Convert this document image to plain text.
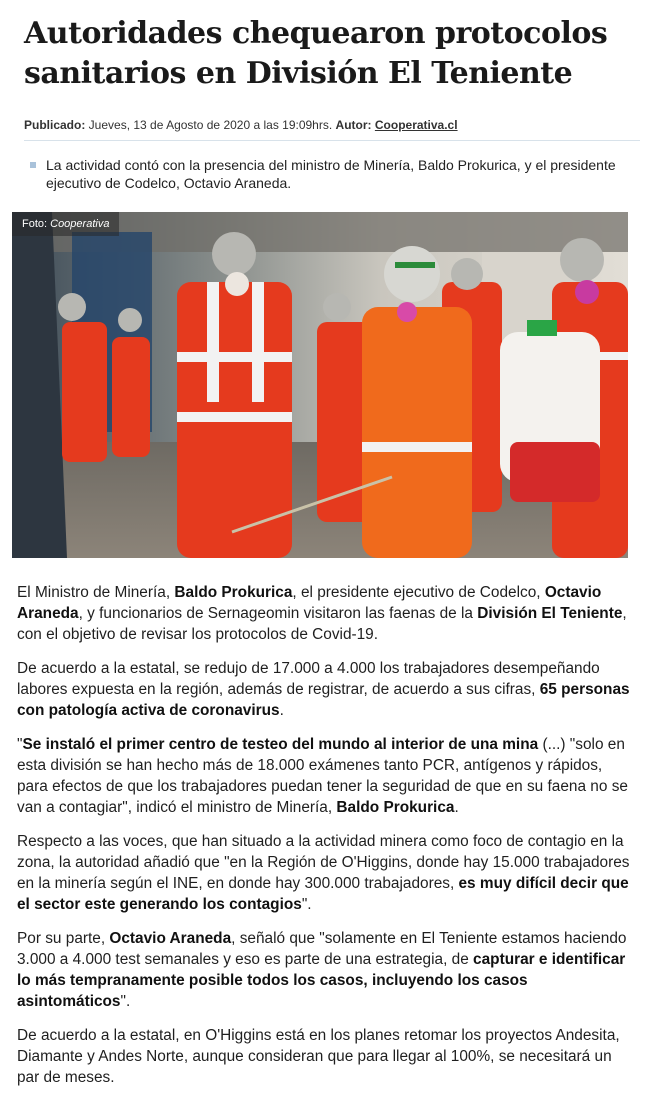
Autoridades chequearon protocolos sanitarios en División El Teniente
Publicado: Jueves, 13 de Agosto de 2020 a las 19:09hrs. Autor: Cooperativa.cl
La actividad contó con la presencia del ministro de Minería, Baldo Prokurica, y el presidente ejecutivo de Codelco, Octavio Araneda.
Foto: Cooperativa

El Ministro de Minería, Baldo Prokurica, el presidente ejecutivo de Codelco, Octavio Araneda, y funcionarios de Sernageomin visitaron las faenas de la División El Teniente, con el objetivo de revisar los protocolos de Covid-19.

De acuerdo a la estatal, se redujo de 17.000 a 4.000 los trabajadores desempeñando labores expuesta en la región, además de registrar, de acuerdo a sus cifras, 65 personas con patología activa de coronavirus.

"Se instaló el primer centro de testeo del mundo al interior de una mina (...) "solo en esta división se han hecho más de 18.000 exámenes tanto PCR, antígenos y rápidos, para efectos de que los trabajadores puedan tener la seguridad de que en su faena no se van a contagiar", indicó el ministro de Minería, Baldo Prokurica.

Respecto a las voces, que han situado a la actividad minera como foco de contagio en la zona, la autoridad añadió que "en la Región de O'Higgins, donde hay 15.000 trabajadores en la minería según el INE, en donde hay 300.000 trabajadores, es muy difícil decir que el sector este generando los contagios".

Por su parte, Octavio Araneda, señaló que "solamente en El Teniente estamos haciendo 3.000 a 4.000 test semanales y eso es parte de una estrategia, de capturar e identificar lo más tempranamente posible todos los casos, incluyendo los casos asintomáticos".

De acuerdo a la estatal, en O'Higgins está en los planes retomar los proyectos Andesita, Diamante y Andes Norte, aunque consideran que para llegar al 100%, se necesitará un par de meses.
